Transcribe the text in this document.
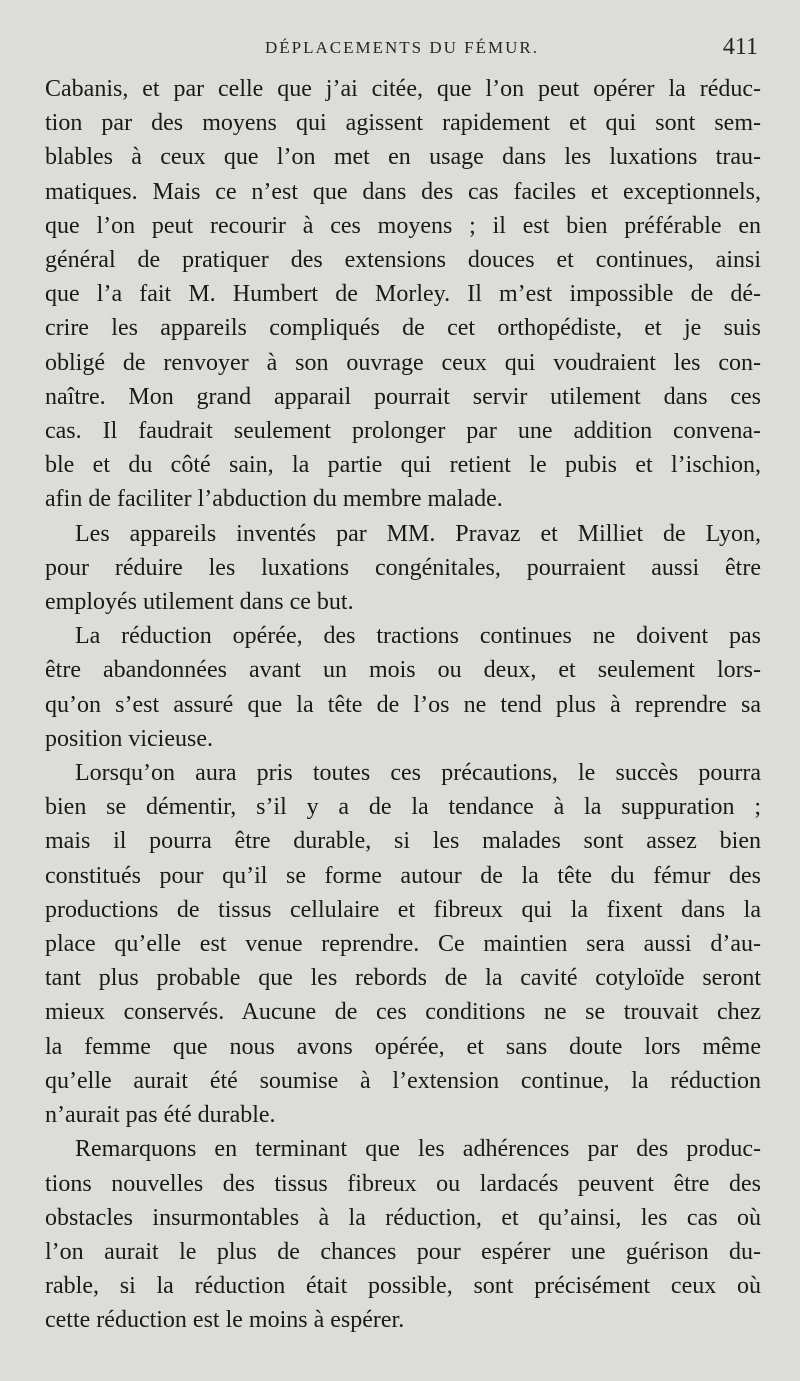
DÉPLACEMENTS DU FÉMUR.	411
Cabanis, et par celle que j’ai citée, que l’on peut opérer la réduc-
tion par des moyens qui agissent rapidement et qui sont sem-
blables à ceux que l’on met en usage dans les luxations trau-
matiques. Mais ce n’est que dans des cas faciles et exceptionnels,
que l’on peut recourir à ces moyens ; il est bien préférable en
général de pratiquer des extensions douces et continues, ainsi
que l’a fait M. Humbert de Morley. Il m’est impossible de dé-
crire les appareils compliqués de cet orthopédiste, et je suis
obligé de renvoyer à son ouvrage ceux qui voudraient les con-
naître. Mon grand apparail pourrait servir utilement dans ces
cas. Il faudrait seulement prolonger par une addition convena-
ble et du côté sain, la partie qui retient le pubis et l’ischion,
afin de faciliter l’abduction du membre malade.
Les appareils inventés par MM. Pravaz et Milliet de Lyon,
pour réduire les luxations congénitales, pourraient aussi être
employés utilement dans ce but.
La réduction opérée, des tractions continues ne doivent pas
être abandonnées avant un mois ou deux, et seulement lors-
qu’on s’est assuré que la tête de l’os ne tend plus à reprendre sa
position vicieuse.
Lorsqu’on aura pris toutes ces précautions, le succès pourra
bien se démentir, s’il y a de la tendance à la suppuration ;
mais il pourra être durable, si les malades sont assez bien
constitués pour qu’il se forme autour de la tête du fémur des
productions de tissus cellulaire et fibreux qui la fixent dans la
place qu’elle est venue reprendre. Ce maintien sera aussi d’au-
tant plus probable que les rebords de la cavité cotyloïde seront
mieux conservés. Aucune de ces conditions ne se trouvait chez
la femme que nous avons opérée, et sans doute lors même
qu’elle aurait été soumise à l’extension continue, la réduction
n’aurait pas été durable.
Remarquons en terminant que les adhérences par des produc-
tions nouvelles des tissus fibreux ou lardacés peuvent être des
obstacles insurmontables à la réduction, et qu’ainsi, les cas où
l’on aurait le plus de chances pour espérer une guérison du-
rable, si la réduction était possible, sont précisément ceux où
cette réduction est le moins à espérer.
